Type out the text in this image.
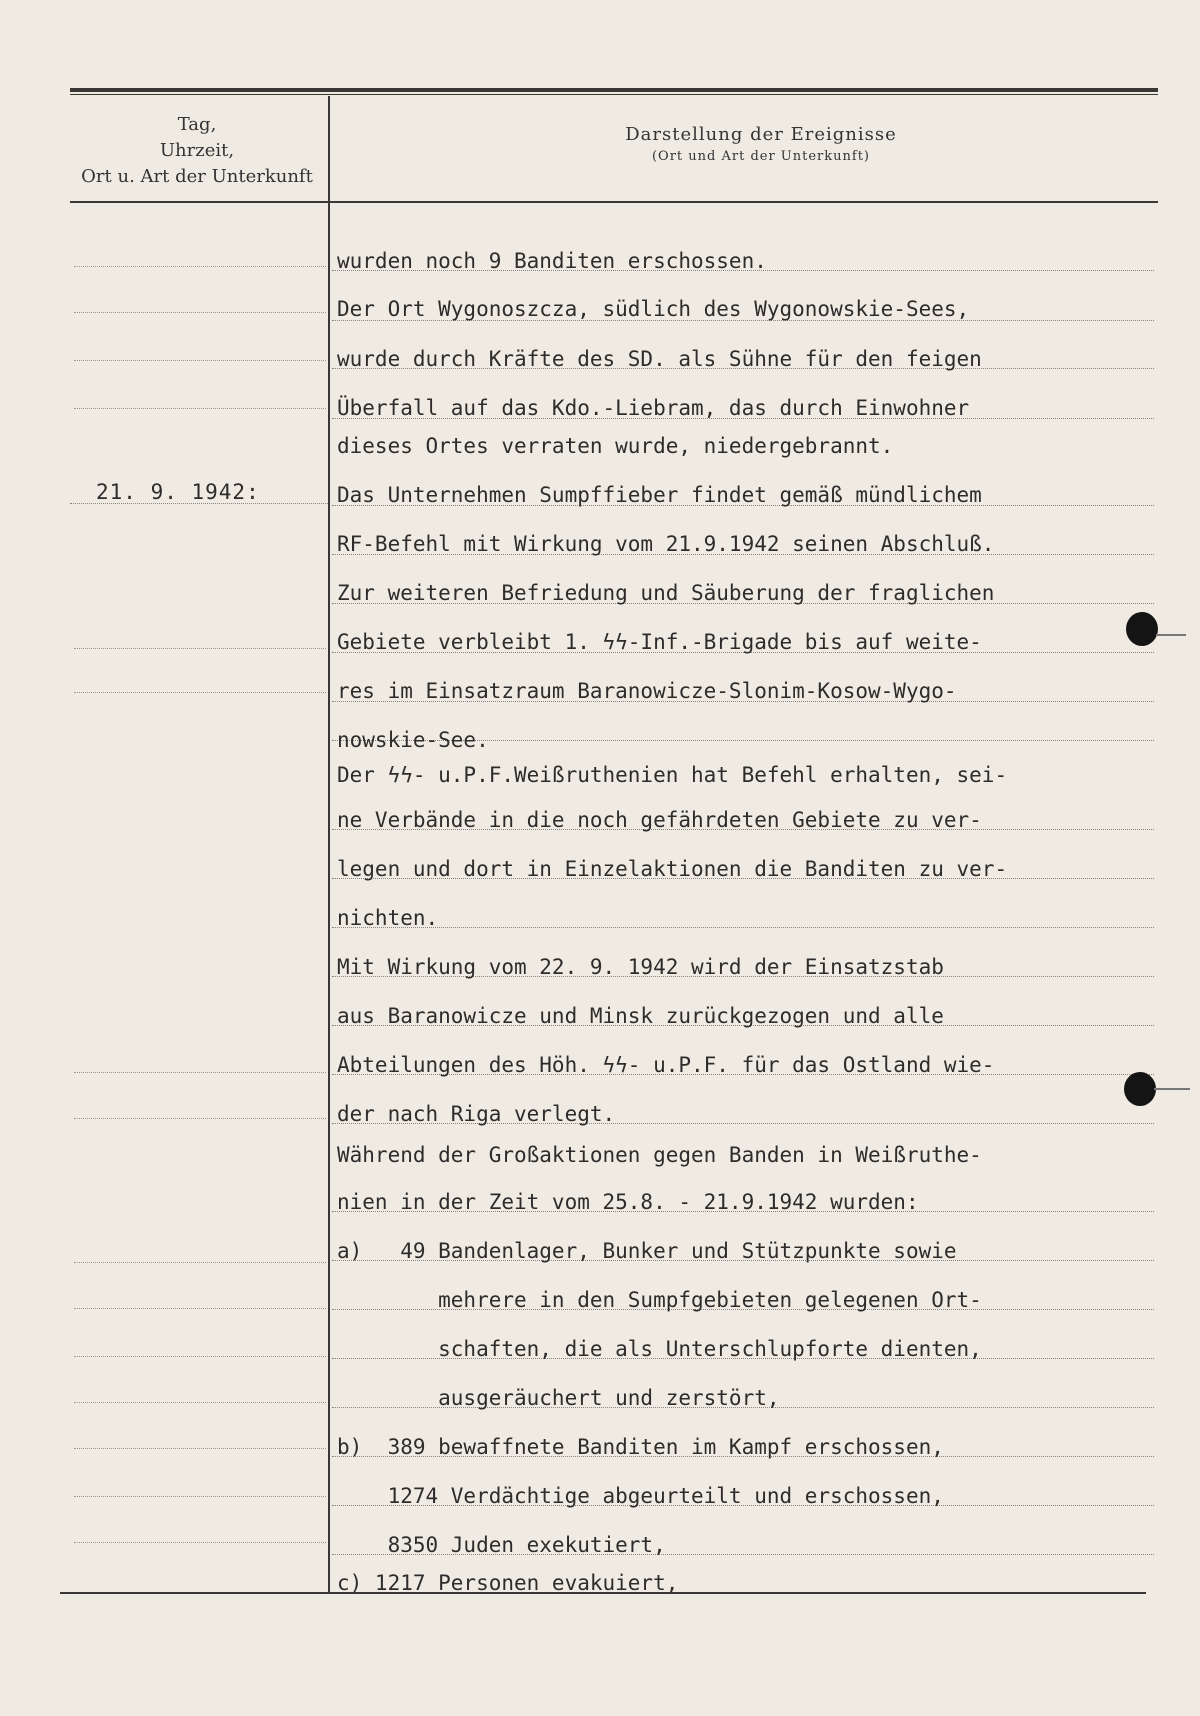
Tag,
Uhrzeit,
Ort u. Art der Unterkunft
Darstellung der Ereignisse
(Ort und Art der Unterkunft)
21. 9. 1942:
wurden noch 9 Banditen erschossen.
Der Ort Wygonoszcza, südlich des Wygonowskie-Sees,
wurde durch Kräfte des SD. als Sühne für den feigen
Überfall auf das Kdo.-Liebram, das durch Einwohner
dieses Ortes verraten wurde, niedergebrannt.
Das Unternehmen Sumpffieber findet gemäß mündlichem
RF-Befehl mit Wirkung vom 21.9.1942 seinen Abschluß.
Zur weiteren Befriedung und Säuberung der fraglichen
Gebiete verbleibt 1. ϟϟ-Inf.-Brigade bis auf weite-
res im Einsatzraum Baranowicze-Slonim-Kosow-Wygo-
nowskie-See.
Der ϟϟ- u.P.F.Weißruthenien hat Befehl erhalten, sei-
ne Verbände in die noch gefährdeten Gebiete zu ver-
legen und dort in Einzelaktionen die Banditen zu ver-
nichten.
Mit Wirkung vom 22. 9. 1942 wird der Einsatzstab
aus Baranowicze und Minsk zurückgezogen und alle
Abteilungen des Höh. ϟϟ- u.P.F. für das Ostland wie-
der nach Riga verlegt.
Während der Großaktionen gegen Banden in Weißruthe-
nien in der Zeit vom 25.8. - 21.9.1942 wurden:
a)   49 Bandenlager, Bunker und Stützpunkte sowie
mehrere in den Sumpfgebieten gelegenen Ort-
schaften, die als Unterschlupforte dienten,
ausgeräuchert und zerstört,
b)  389 bewaffnete Banditen im Kampf erschossen,
1274 Verdächtige abgeurteilt und erschossen,
8350 Juden exekutiert,
c) 1217 Personen evakuiert,
